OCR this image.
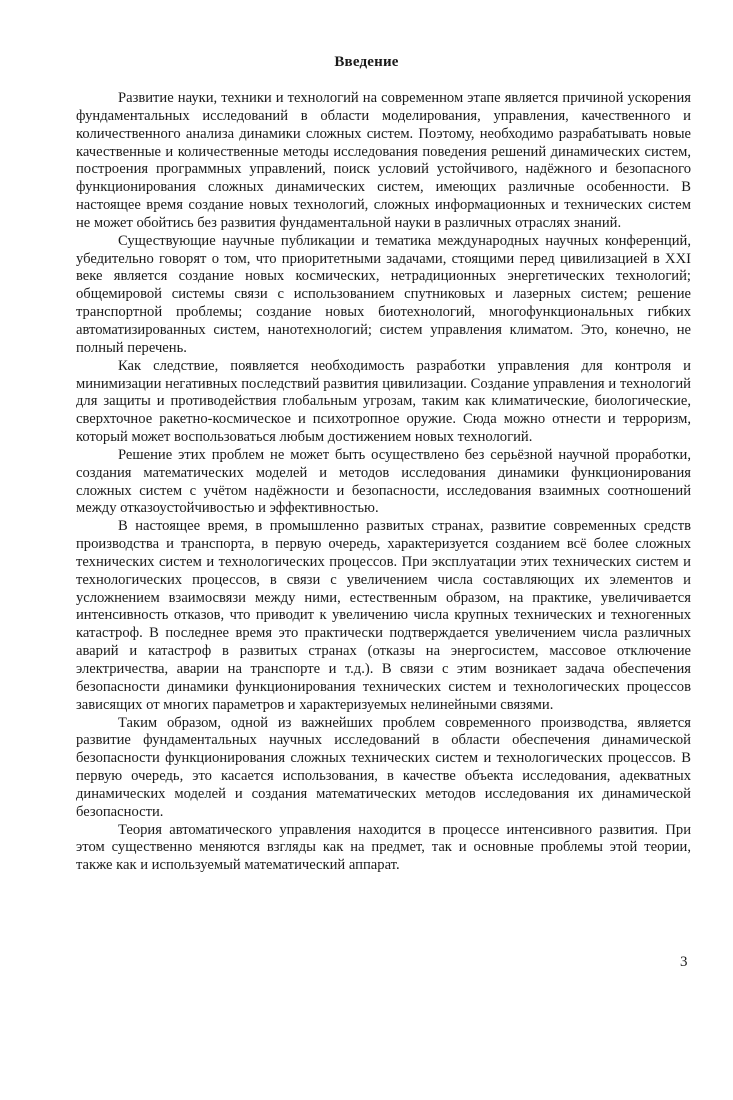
Введение

Развитие науки, техники и технологий на современном этапе является причиной ускорения фундаментальных исследований в области моделирования, управления, качественного и количественного анализа динамики сложных систем. Поэтому, необходимо разрабатывать новые качественные и количественные методы исследования поведения решений динамических систем, построения программных управлений, поиск условий устойчивого, надёжного и безопасного функционирования сложных динамических систем, имеющих различные особенности. В настоящее время создание новых технологий, сложных информационных и технических систем не может обойтись без развития фундаментальной науки в различных отраслях знаний.

Существующие научные публикации и тематика международных научных конференций, убедительно говорят о том, что приоритетными задачами, стоящими перед цивилизацией в XXI веке является создание новых космических, нетрадиционных энергетических технологий; общемировой системы связи с использованием спутниковых и лазерных систем; решение транспортной проблемы; создание новых биотехнологий, многофункциональных гибких автоматизированных систем, нанотехнологий; систем управления климатом. Это, конечно, не полный перечень.

Как следствие, появляется необходимость разработки управления для контроля и минимизации негативных последствий развития цивилизации. Создание управления и технологий для защиты и противодействия глобальным угрозам, таким как климатические, биологические, сверхточное ракетно-космическое и психотропное оружие. Сюда можно отнести и терроризм, который может воспользоваться любым достижением новых технологий.

Решение этих проблем не может быть осуществлено без серьёзной научной проработки, создания математических моделей и методов исследования динамики функционирования сложных систем с учётом надёжности и безопасности, исследования взаимных соотношений между отказоустойчивостью и эффективностью.

В настоящее время, в промышленно развитых странах, развитие современных средств производства и транспорта, в первую очередь, характеризуется созданием всё более сложных технических систем и технологических процессов. При эксплуатации этих технических систем и технологических процессов, в связи с увеличением числа составляющих их элементов и усложнением взаимосвязи между ними, естественным образом, на практике, увеличивается интенсивность отказов, что приводит к увеличению числа крупных технических и техногенных катастроф. В последнее время это практически подтверждается увеличением числа различных аварий и катастроф в развитых странах (отказы на энергосистем, массовое отключение электричества, аварии на транспорте и т.д.). В связи с этим возникает задача обеспечения безопасности динамики функционирования технических систем и технологических процессов зависящих от многих параметров и характеризуемых нелинейными связями.

Таким образом, одной из важнейших проблем современного производства, является развитие фундаментальных научных исследований в области обеспечения динамической безопасности функционирования сложных технических систем и технологических процессов. В первую очередь, это касается использования, в качестве объекта исследования, адекватных динамических моделей и создания математических методов исследования их динамической безопасности.

Теория автоматического управления находится в процессе интенсивного развития. При этом существенно меняются взгляды как на предмет, так и основные проблемы этой теории, также как и используемый математический аппарат.

3
